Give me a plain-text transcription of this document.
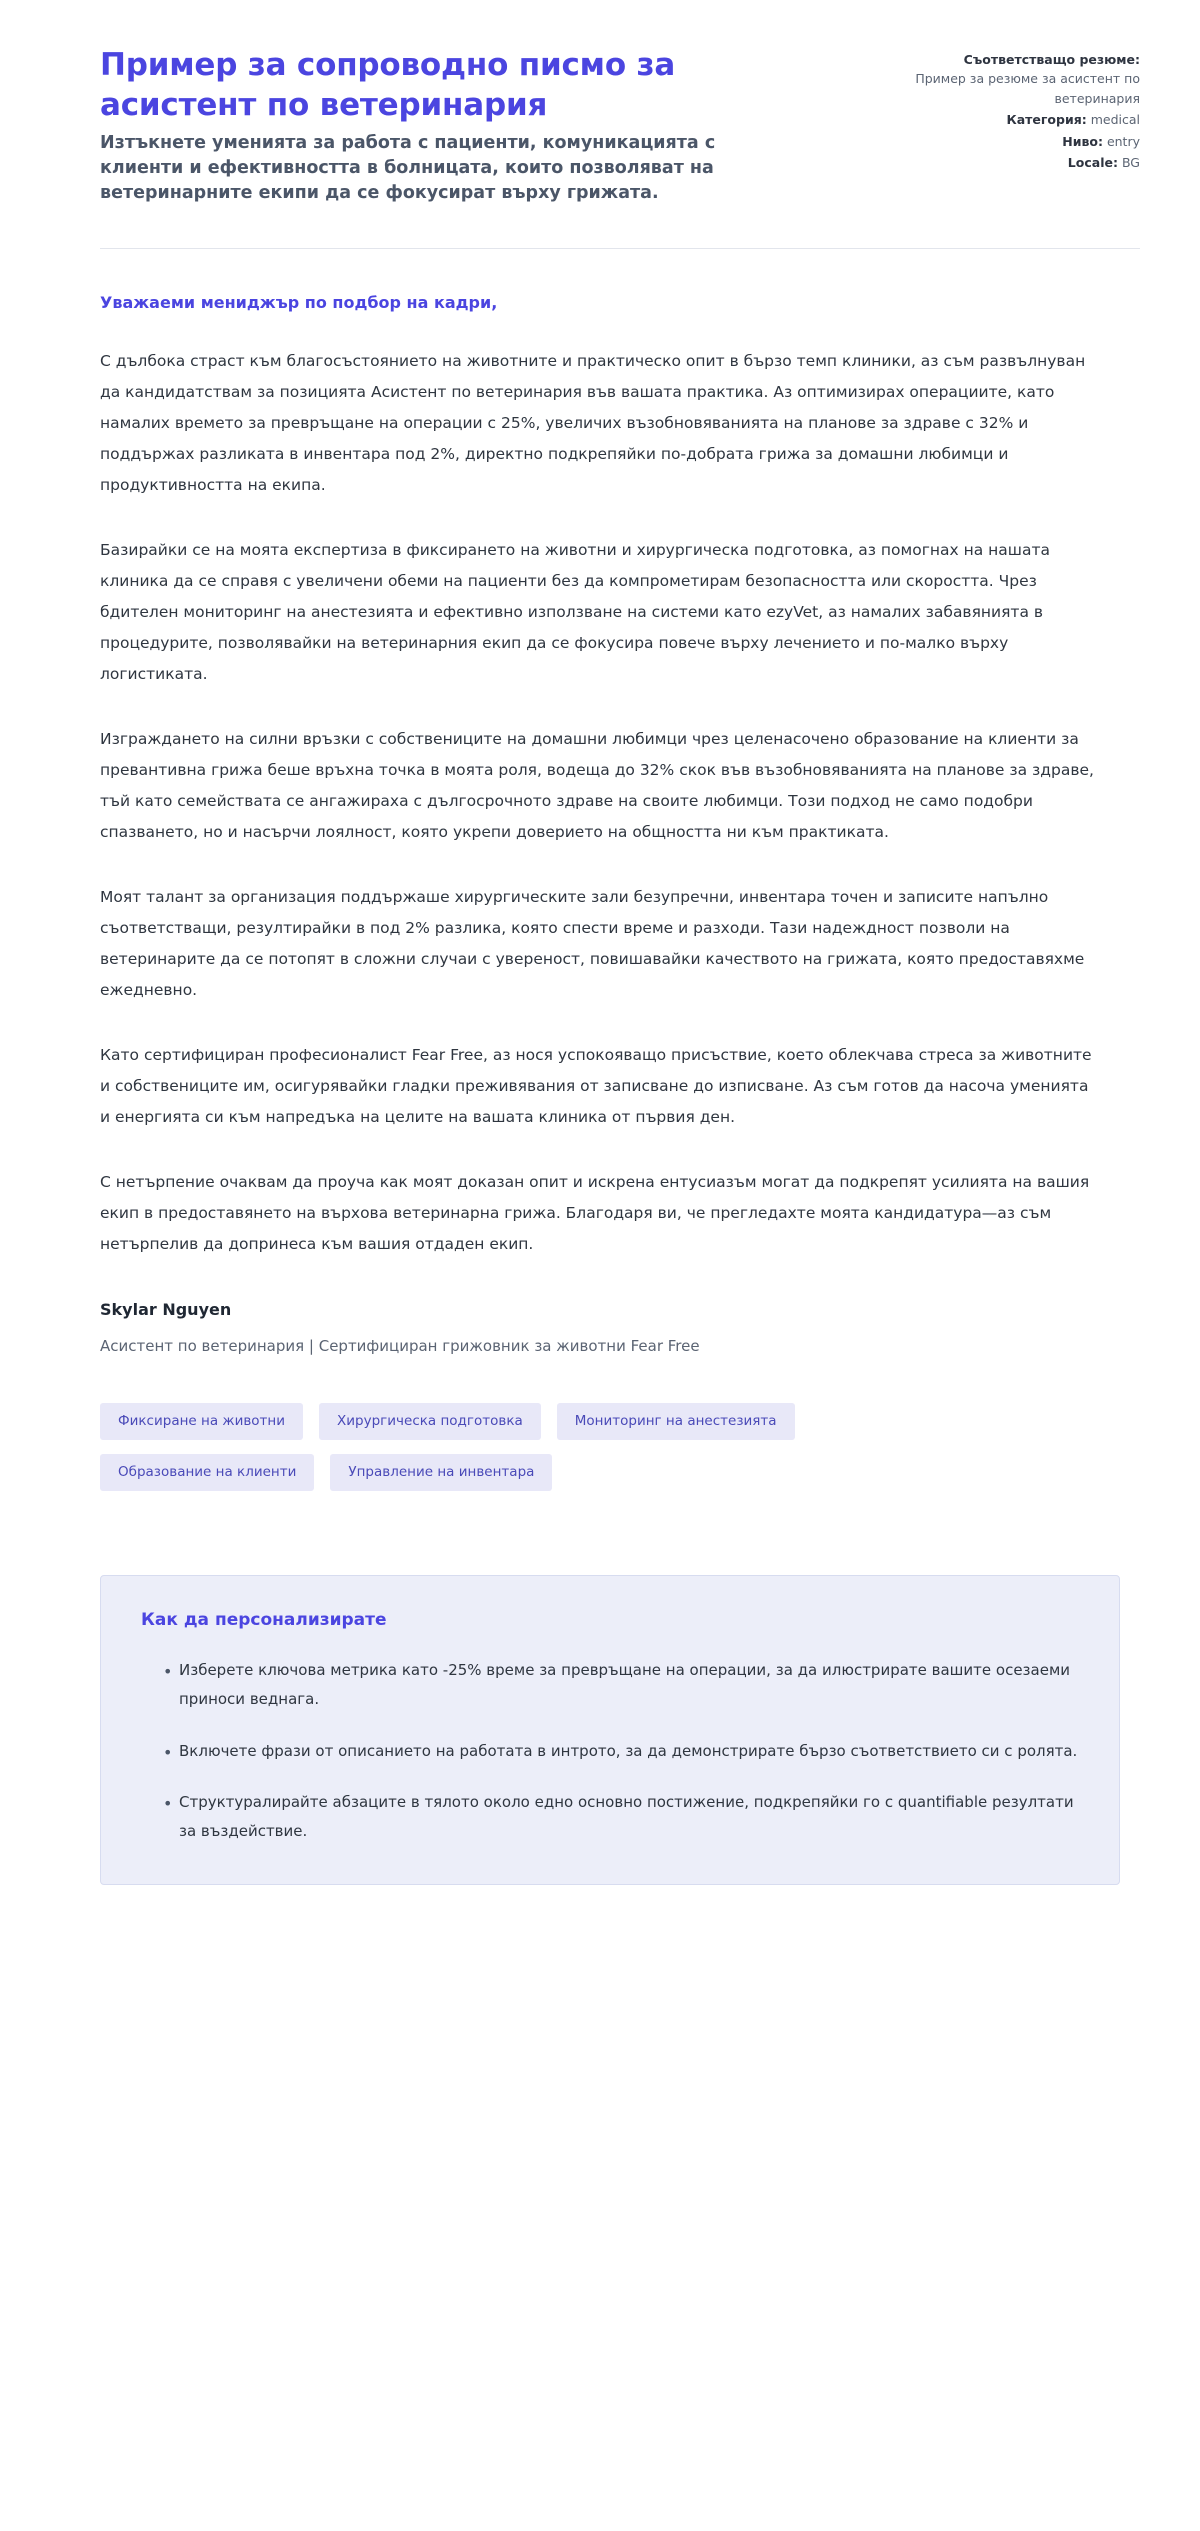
Пример за сопроводно писмо за асистент по ветеринария

Изтъкнете уменията за работа с пациенти, комуникацията с клиенти и ефективността в болницата, които позволяват на ветеринарните екипи да се фокусират върху грижата.

Съответстващо резюме: Пример за резюме за асистент по ветеринария
Категория: medical
Ниво: entry
Locale: BG

Уважаеми мениджър по подбор на кадри,

С дълбока страст към благосъстоянието на животните и практическо опит в бързо темп клиники, аз съм развълнуван да кандидатствам за позицията Асистент по ветеринария във вашата практика. Аз оптимизирах операциите, като намалих времето за превръщане на операции с 25%, увеличих възобновяванията на планове за здраве с 32% и поддържах разликата в инвентара под 2%, директно подкрепяйки по-добрата грижа за домашни любимци и продуктивността на екипа.

Базирайки се на моята експертиза в фиксирането на животни и хирургическа подготовка, аз помогнах на нашата клиника да се справя с увеличени обеми на пациенти без да компрометирам безопасността или скоростта. Чрез бдителен мониторинг на анестезията и ефективно използване на системи като ezyVet, аз намалих забавянията в процедурите, позволявайки на ветеринарния екип да се фокусира повече върху лечението и по-малко върху логистиката.

Изграждането на силни връзки с собствениците на домашни любимци чрез целенасочено образование на клиенти за превантивна грижа беше връхна точка в моята роля, водеща до 32% скок във възобновяванията на планове за здраве, тъй като семействата се ангажираха с дългосрочното здраве на своите любимци. Този подход не само подобри спазването, но и насърчи лоялност, която укрепи доверието на общността ни към практиката.

Моят талант за организация поддържаше хирургическите зали безупречни, инвентара точен и записите напълно съответстващи, резултирайки в под 2% разлика, която спести време и разходи. Тази надеждност позволи на ветеринарите да се потопят в сложни случаи с увереност, повишавайки качеството на грижата, която предоставяхме ежедневно.

Като сертифициран професионалист Fear Free, аз нося успокояващо присъствие, което облекчава стреса за животните и собствениците им, осигурявайки гладки преживявания от записване до изписване. Аз съм готов да насоча уменията и енергията си към напредъка на целите на вашата клиника от първия ден.

С нетърпение очаквам да проуча как моят доказан опит и искрена ентусиазъм могат да подкрепят усилията на вашия екип в предоставянето на върхова ветеринарна грижа. Благодаря ви, че прегледахте моята кандидатура—аз съм нетърпелив да допринеса към вашия отдаден екип.

Skylar Nguyen
Асистент по ветеринария | Сертифициран грижовник за животни Fear Free
Фиксиране на животни	Хирургическа подготовка	Мониторинг на анестезията
Образование на клиенти	Управление на инвентара
Как да персонализирате
• Изберете ключова метрика като -25% време за превръщане на операции, за да илюстрирате вашите осезаеми приноси веднага.
• Включете фрази от описанието на работата в интрото, за да демонстрирате бързо съответствието си с ролята.
• Структуралирайте абзаците в тялото около едно основно постижение, подкрепяйки го с quantifiable резултати за въздействие.
